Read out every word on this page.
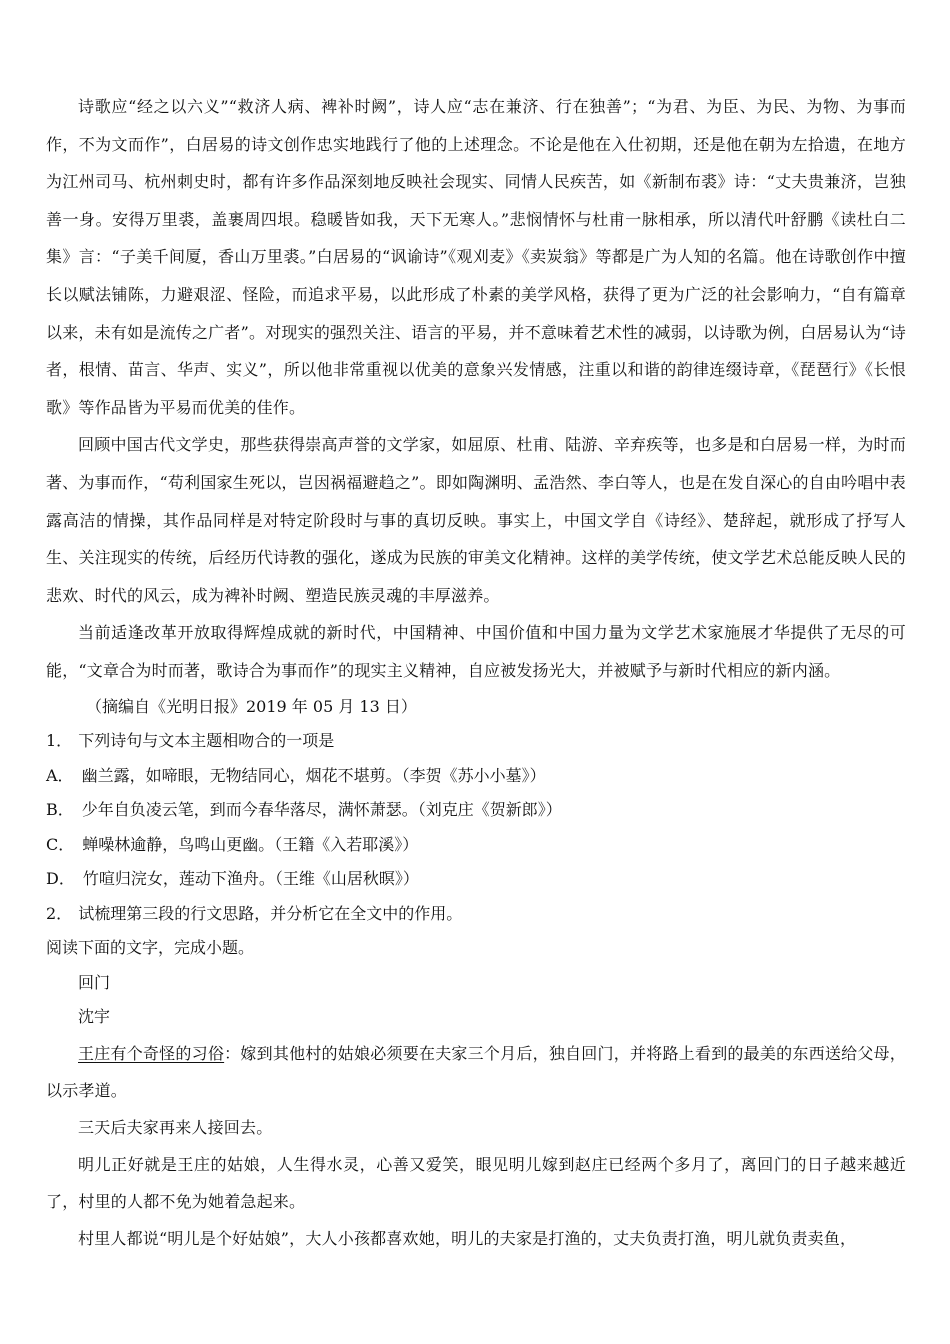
诗歌应“经之以六义”“救济人病、裨补时阙”，诗人应“志在兼济、行在独善”；“为君、为臣、为民、为物、为事而作，不为文而作”，白居易的诗文创作忠实地践行了他的上述理念。不论是他在入仕初期，还是他在朝为左拾遗，在地方为江州司马、杭州刺史时，都有许多作品深刻地反映社会现实、同情人民疾苦，如《新制布裘》诗：“丈夫贵兼济，岂独善一身。安得万里裘，盖裹周四垠。稳暖皆如我，天下无寒人。”悲悯情怀与杜甫一脉相承，所以清代叶舒鹏《读杜白二集》言：“子美千间厦，香山万里裘。”白居易的“讽谕诗”《观刈麦》《卖炭翁》等都是广为人知的名篇。他在诗歌创作中擅长以赋法铺陈，力避艰涩、怪险，而追求平易，以此形成了朴素的美学风格，获得了更为广泛的社会影响力，“自有篇章以来，未有如是流传之广者”。对现实的强烈关注、语言的平易，并不意味着艺术性的减弱，以诗歌为例，白居易认为“诗者，根情、苗言、华声、实义”，所以他非常重视以优美的意象兴发情感，注重以和谐的韵律连缀诗章，《琵琶行》《长恨歌》等作品皆为平易而优美的佳作。

回顾中国古代文学史，那些获得崇高声誉的文学家，如屈原、杜甫、陆游、辛弃疾等，也多是和白居易一样，为时而著、为事而作，“苟利国家生死以，岂因祸福避趋之”。即如陶渊明、孟浩然、李白等人，也是在发自深心的自由吟唱中表露高洁的情操，其作品同样是对特定阶段时与事的真切反映。事实上，中国文学自《诗经》、楚辞起，就形成了抒写人生、关注现实的传统，后经历代诗教的强化，遂成为民族的审美文化精神。这样的美学传统，使文学艺术总能反映人民的悲欢、时代的风云，成为裨补时阙、塑造民族灵魂的丰厚滋养。

当前适逢改革开放取得辉煌成就的新时代，中国精神、中国价值和中国力量为文学艺术家施展才华提供了无尽的可能，“文章合为时而著，歌诗合为事而作”的现实主义精神，自应被发扬光大，并被赋予与新时代相应的新内涵。

（摘编自《光明日报》2019 年 05 月 13 日）

1． 下列诗句与文本主题相吻合的一项是

A． 幽兰露，如啼眼，无物结同心，烟花不堪剪。（李贺《苏小小墓》）

B． 少年自负凌云笔，到而今春华落尽，满怀萧瑟。（刘克庄《贺新郎》）

C． 蝉噪林逾静，鸟鸣山更幽。（王籍《入若耶溪》）

D． 竹喧归浣女，莲动下渔舟。（王维《山居秋暝》）

2． 试梳理第三段的行文思路，并分析它在全文中的作用。

阅读下面的文字，完成小题。

回门

沈宇

王庄有个奇怪的习俗：嫁到其他村的姑娘必须要在夫家三个月后，独自回门，并将路上看到的最美的东西送给父母，以示孝道。

三天后夫家再来人接回去。

明儿正好就是王庄的姑娘，人生得水灵，心善又爱笑，眼见明儿嫁到赵庄已经两个多月了，离回门的日子越来越近了，村里的人都不免为她着急起来。

村里人都说“明儿是个好姑娘”，大人小孩都喜欢她，明儿的夫家是打渔的，丈夫负责打渔，明儿就负责卖鱼，
